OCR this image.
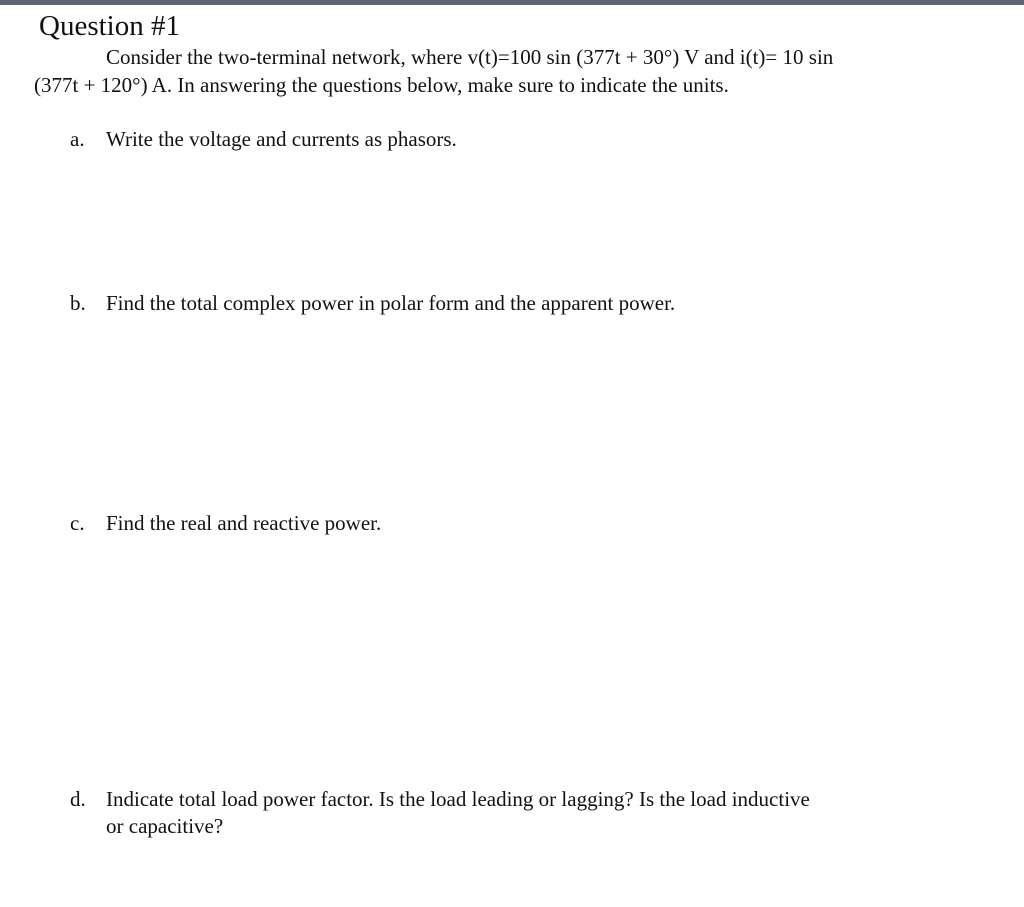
Question #1
Consider the two-terminal network, where v(t)=100 sin (377t + 30°) V and i(t)= 10 sin
(377t + 120°) A. In answering the questions below, make sure to indicate the units.
a.	Write the voltage and currents as phasors.
b. Find the total complex power in polar form and the apparent power.
c.	Find the real and reactive power.
d. Indicate total load power factor. Is the load leading or lagging? Is the load inductive or capacitive?
